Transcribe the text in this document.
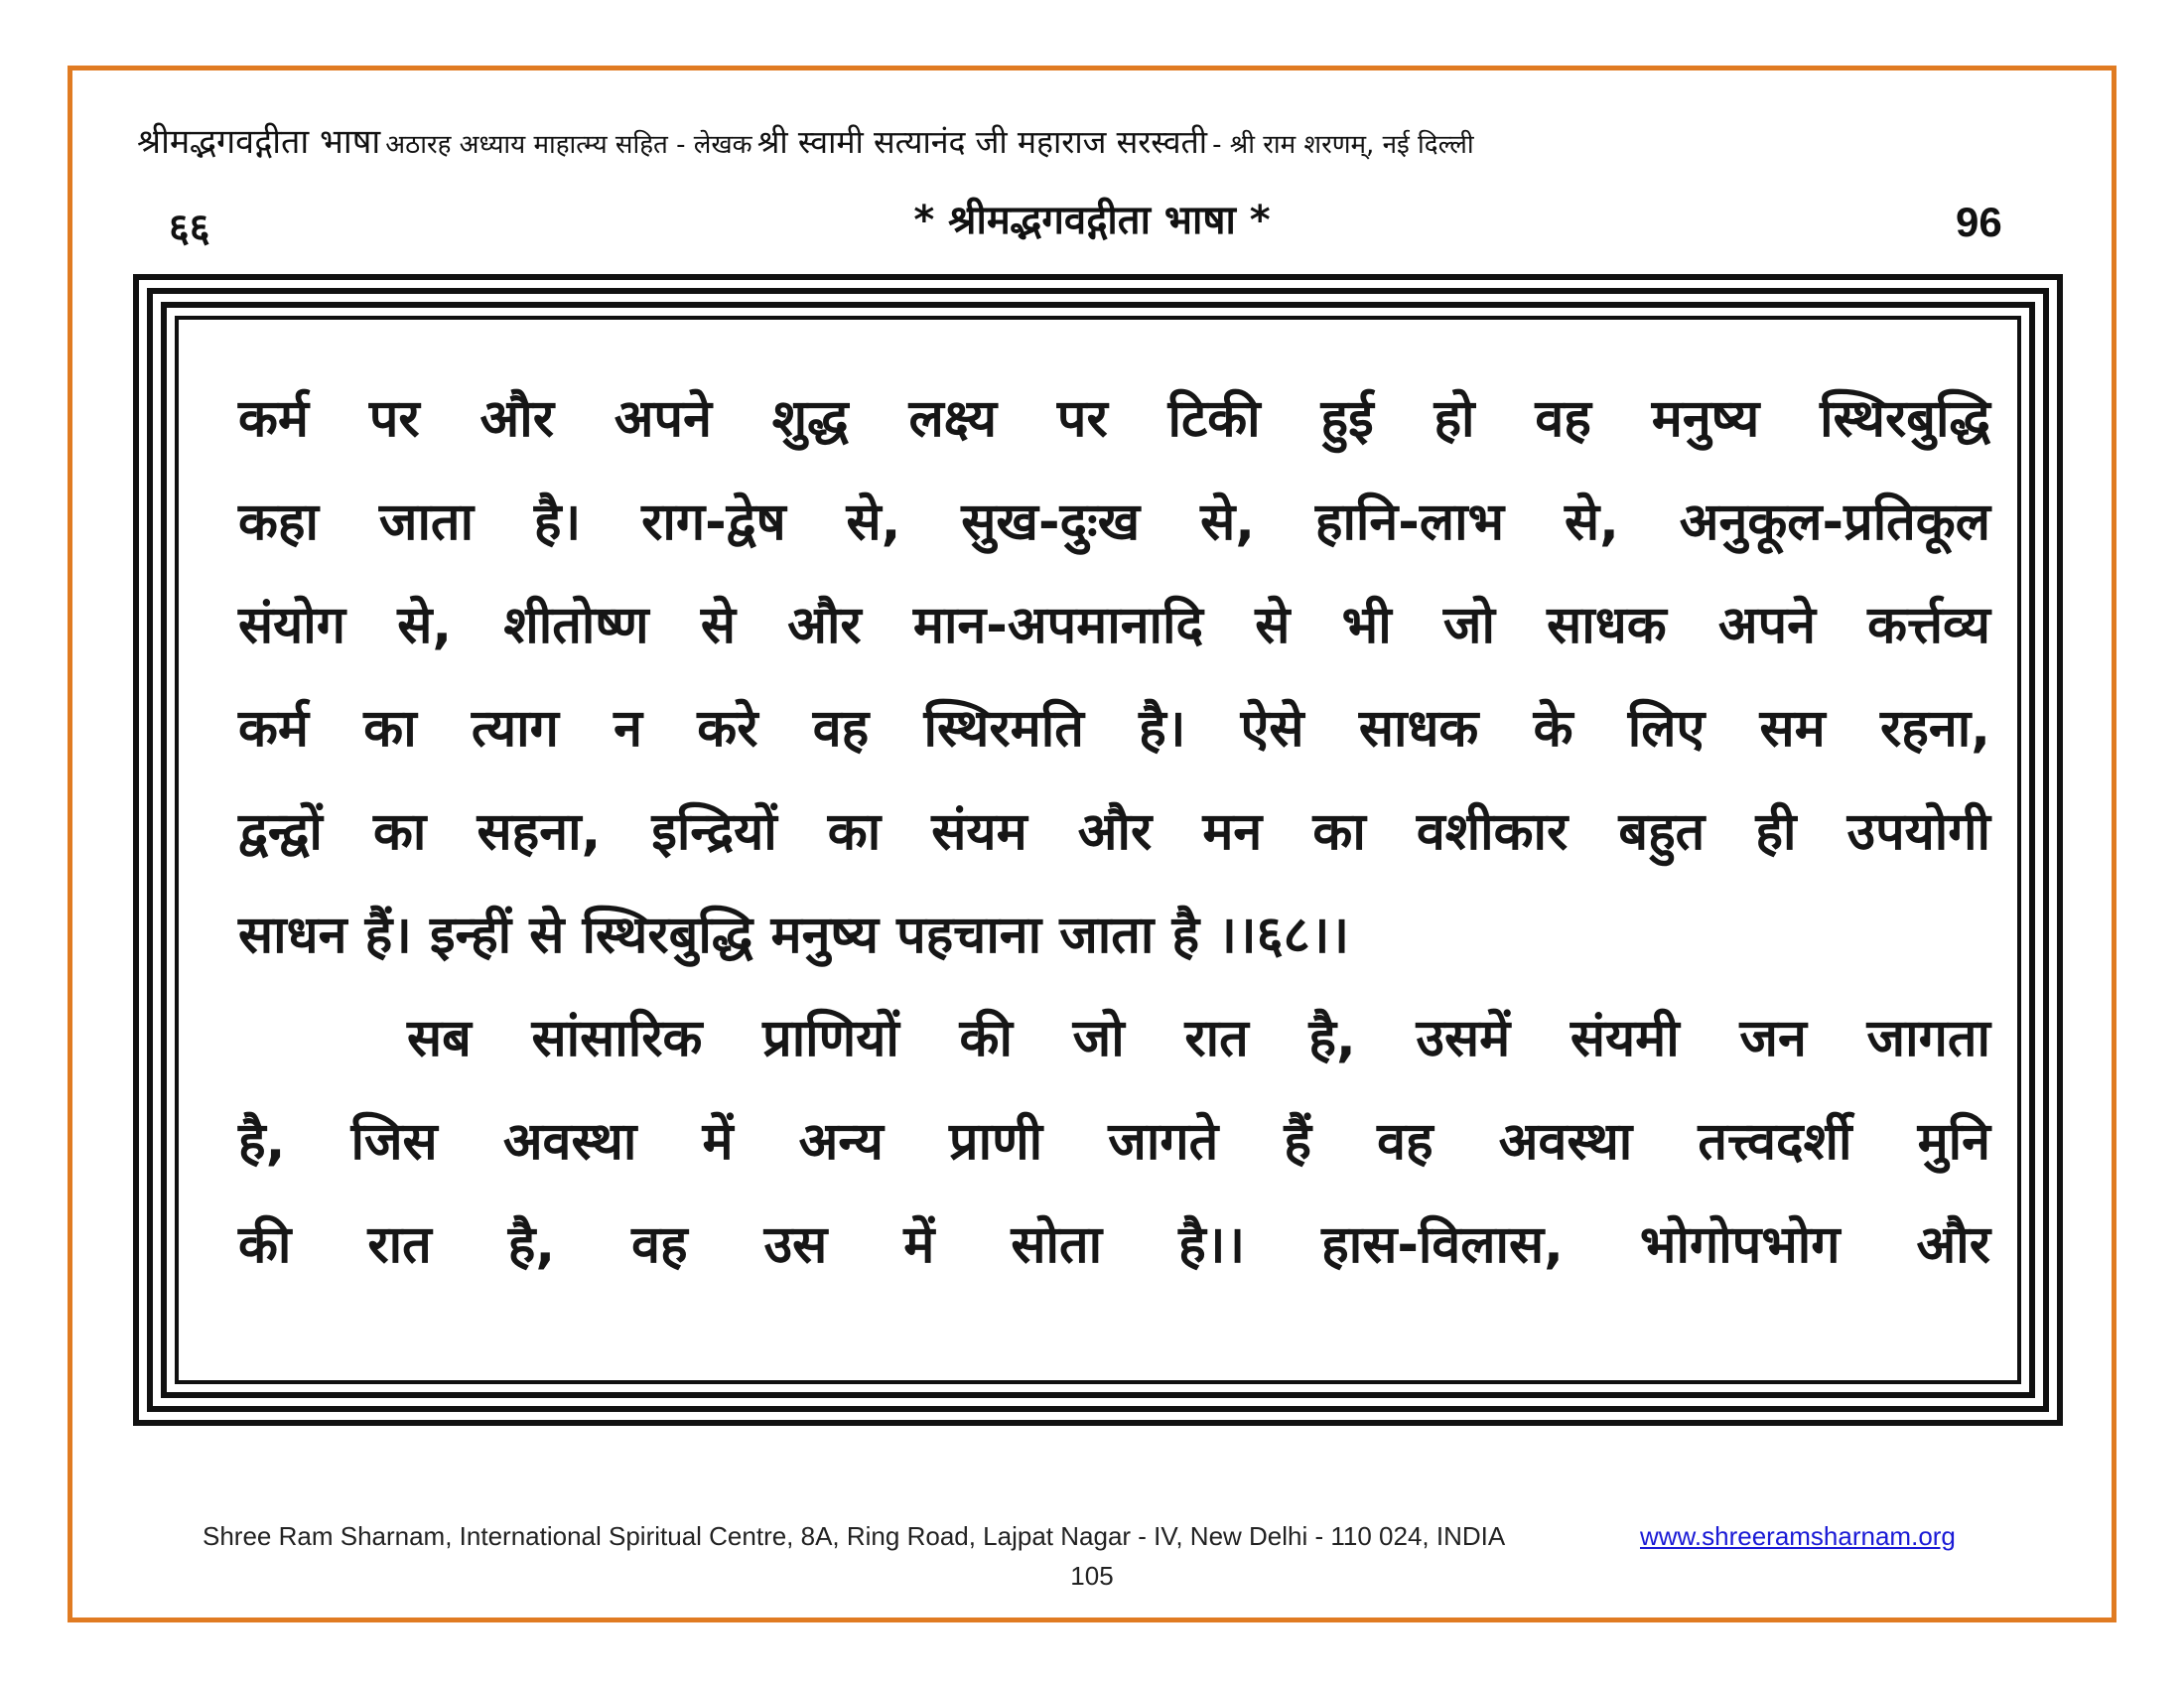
श्रीमद्भगवद्गीता भाषा अठारह अध्याय माहात्म्य सहित - लेखक श्री स्वामी सत्यानंद जी महाराज सरस्वती - श्री राम शरणम्, नई दिल्ली
६६	* श्रीमद्भगवद्गीता भाषा *	96

कर्म पर और अपने शुद्ध लक्ष्य पर टिकी हुई हो वह मनुष्य स्थिरबुद्धि

कहा जाता है। राग-द्वेष से, सुख-दुःख से, हानि-लाभ से, अनुकूल-प्रतिकूल

संयोग से, शीतोष्ण से और मान-अपमानादि से भी जो साधक अपने कर्त्तव्य

कर्म का त्याग न करे वह स्थिरमति है। ऐसे साधक के लिए सम रहना,

द्वन्द्वों का सहना, इन्द्रियों का संयम और मन का वशीकार बहुत ही उपयोगी

साधन हैं। इन्हीं से स्थिरबुद्धि मनुष्य पहचाना जाता है ।।६८।।

सब सांसारिक प्राणियों की जो रात है, उसमें संयमी जन जागता

है, जिस अवस्था में अन्य प्राणी जागते हैं वह अवस्था तत्त्वदर्शी मुनि

की रात है, वह उस में सोता है।। हास-विलास, भोगोपभोग और

Shree Ram Sharnam, International Spiritual Centre, 8A, Ring Road, Lajpat Nagar - IV, New Delhi - 110 024, INDIA	www.shreeramsharnam.org
105
